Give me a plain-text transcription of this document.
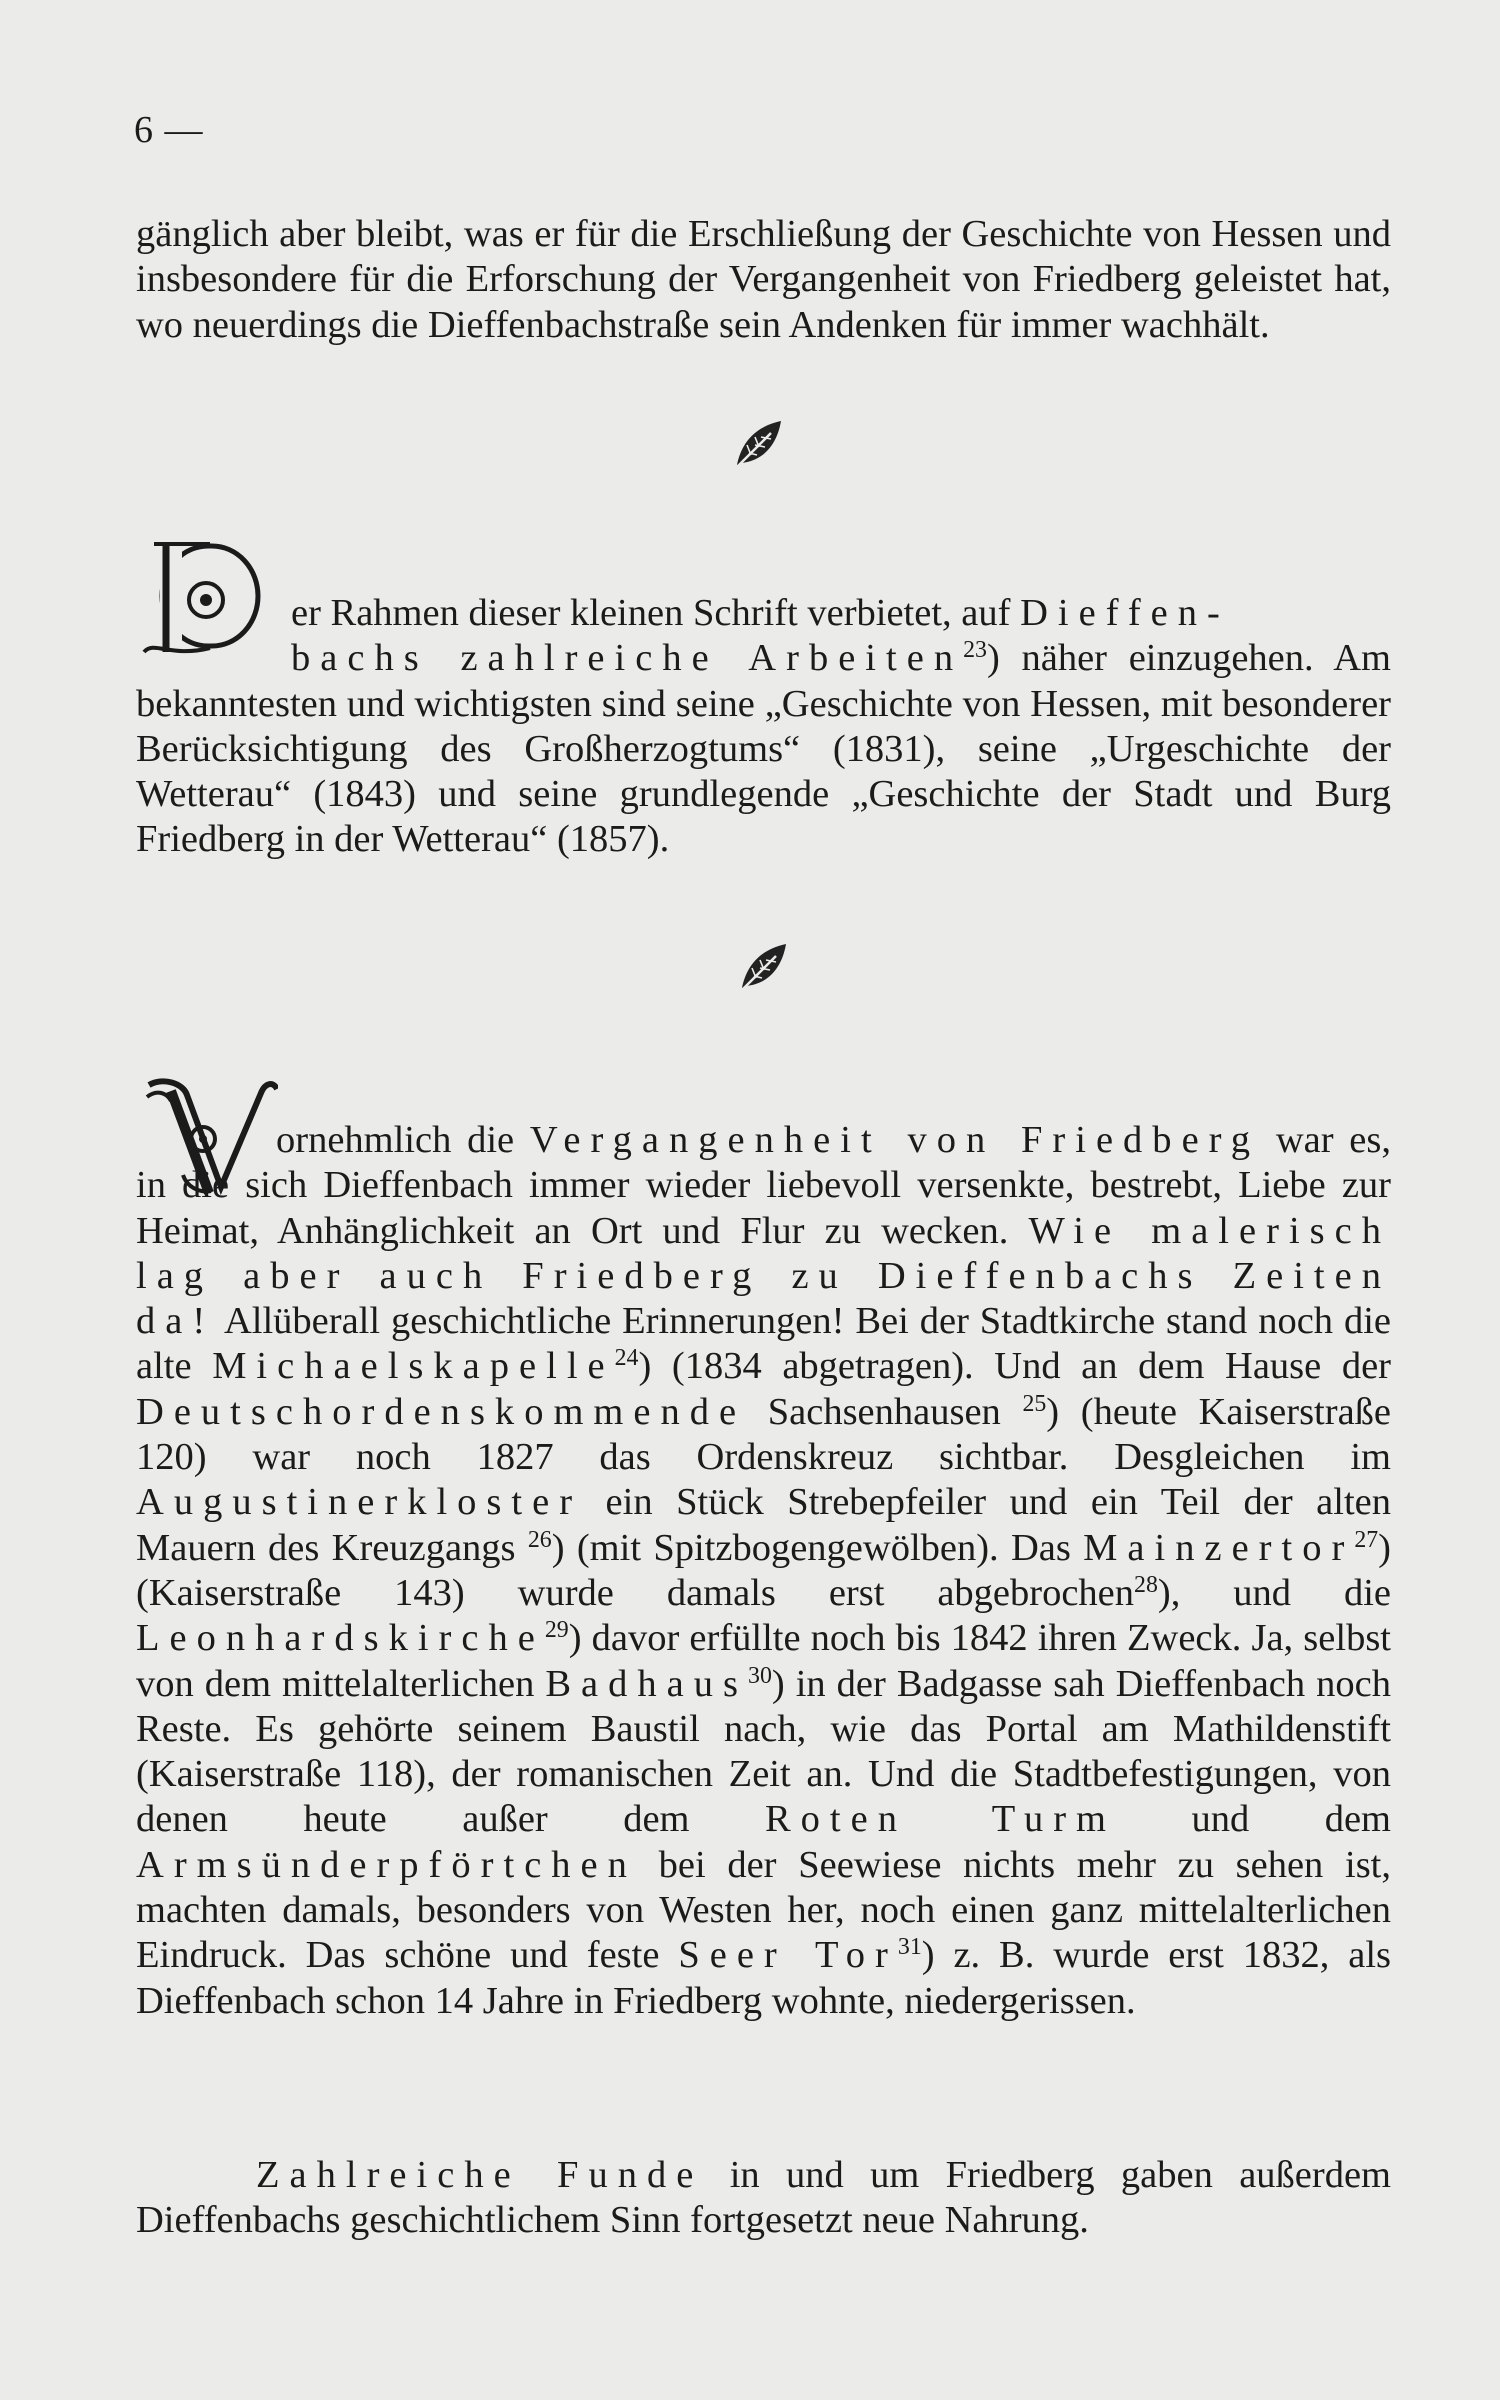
6 —

gänglich aber bleibt, was er für die Erschließung der Geschichte von Hessen und insbesondere für die Erforschung der Vergangenheit von Friedberg geleistet hat, wo neuerdings die Dieffenbachstraße sein Andenken für immer wachhält.

er Rahmen dieser kleinen Schrift verbietet, auf Dieffen-
bachs zahlreiche Arbeiten$^{23}$) näher einzugehen. Am bekanntesten und wichtigsten sind seine „Geschichte von Hessen, mit besonderer Berücksichtigung des Großherzogtums“ (1831), seine „Urgeschichte der Wetterau“ (1843) und seine grundlegende „Geschichte der Stadt und Burg Friedberg in der Wetterau“ (1857).

ornehmlich die Vergangenheit von Friedberg war es, in die sich Dieffenbach immer wieder liebevoll versenkte, bestrebt, Liebe zur Heimat, Anhänglichkeit an Ort und Flur zu wecken. Wie malerisch lag aber auch Friedberg zu Dieffenbachs Zeiten da! Allüberall geschichtliche Erinnerungen! Bei der Stadtkirche stand noch die alte Michaelskapelle$^{24}$) (1834 abgetragen). Und an dem Hause der Deutschordenskommende Sachsenhausen $^{25}$) (heute Kaiserstraße 120) war noch 1827 das Ordenskreuz sichtbar. Desgleichen im Augustinerkloster ein Stück Strebepfeiler und ein Teil der alten Mauern des Kreuzgangs $^{26}$) (mit Spitzbogengewölben). Das Mainzertor$^{27}$) (Kaiserstraße 143) wurde damals erst abgebrochen$^{28}$), und die Leonhardskirche$^{29}$) davor erfüllte noch bis 1842 ihren Zweck. Ja, selbst von dem mittelalterlichen Badhaus$^{30}$) in der Badgasse sah Dieffenbach noch Reste. Es gehörte seinem Baustil nach, wie das Portal am Mathildenstift (Kaiserstraße 118), der romanischen Zeit an. Und die Stadtbefestigungen, von denen heute außer dem Roten Turm und dem Armsünderpförtchen bei der Seewiese nichts mehr zu sehen ist, machten damals, besonders von Westen her, noch einen ganz mittelalterlichen Eindruck. Das schöne und feste Seer Tor$^{31}$) z. B. wurde erst 1832, als Dieffenbach schon 14 Jahre in Friedberg wohnte, niedergerissen.

Zahlreiche Funde in und um Friedberg gaben außerdem Dieffenbachs geschichtlichem Sinn fortgesetzt neue Nahrung.
